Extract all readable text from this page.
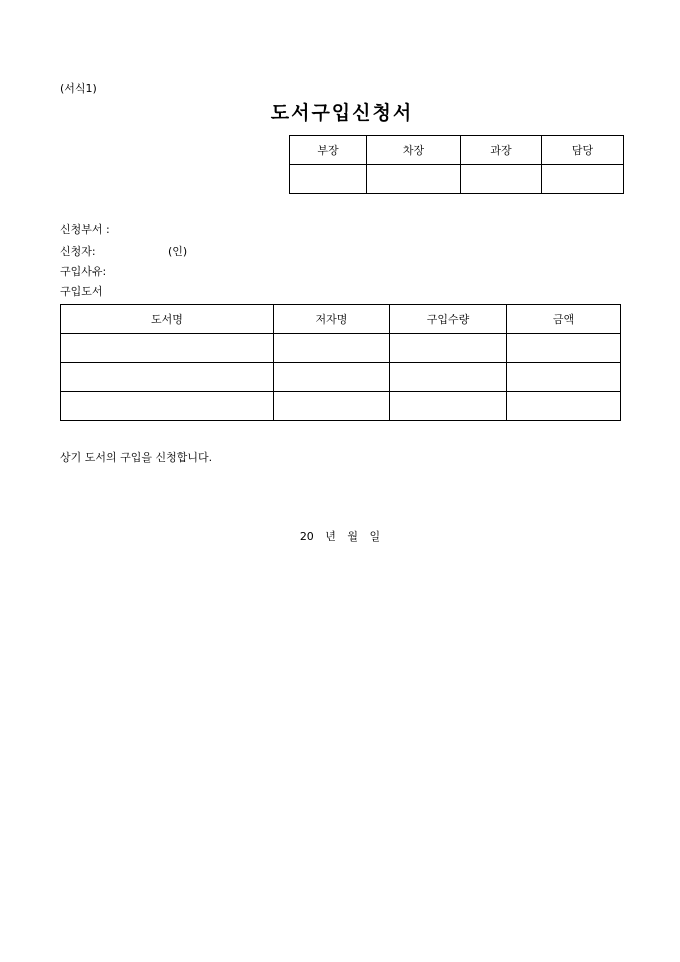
(서식1)
도서구입신청서
부장	차장	과장	담당

신청부서 :
신청자:	(인)
구입사유:
구입도서
도서명	저자명	구입수량	금액

상기 도서의 구입을 신청합니다.
20 년 월 일
